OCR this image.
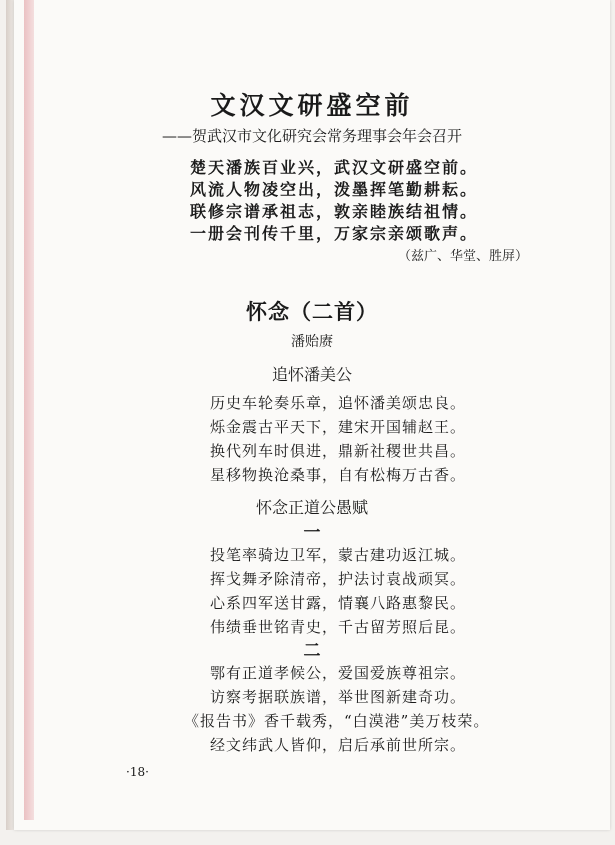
文汉文研盛空前
——贺武汉市文化研究会常务理事会年会召开
楚天潘族百业兴，武汉文研盛空前。
风流人物凌空出，泼墨挥笔勤耕耘。
联修宗谱承祖志，敦亲睦族结祖情。
一册会刊传千里，万家宗亲颂歌声。
（兹广、华堂、胜屏）
怀念（二首）
潘贻赓
追怀潘美公
历史车轮奏乐章，追怀潘美颂忠良。
烁金震古平天下，建宋开国辅赵王。
换代列车时俱进，鼎新社稷世共昌。
星移物换沧桑事，自有松梅万古香。
怀念正道公愚赋
一
投笔率骑边卫军，蒙古建功返江城。
挥戈舞矛除清帝，护法讨袁战顽冥。
心系四军送甘露，情襄八路惠黎民。
伟绩垂世铭青史，千古留芳照后昆。
二
鄂有正道孝候公，爱国爱族尊祖宗。
访察考据联族谱，举世图新建奇功。
《报告书》香千载秀，“白漠港”美万枝荣。
经文纬武人皆仰，启后承前世所宗。
·18·
